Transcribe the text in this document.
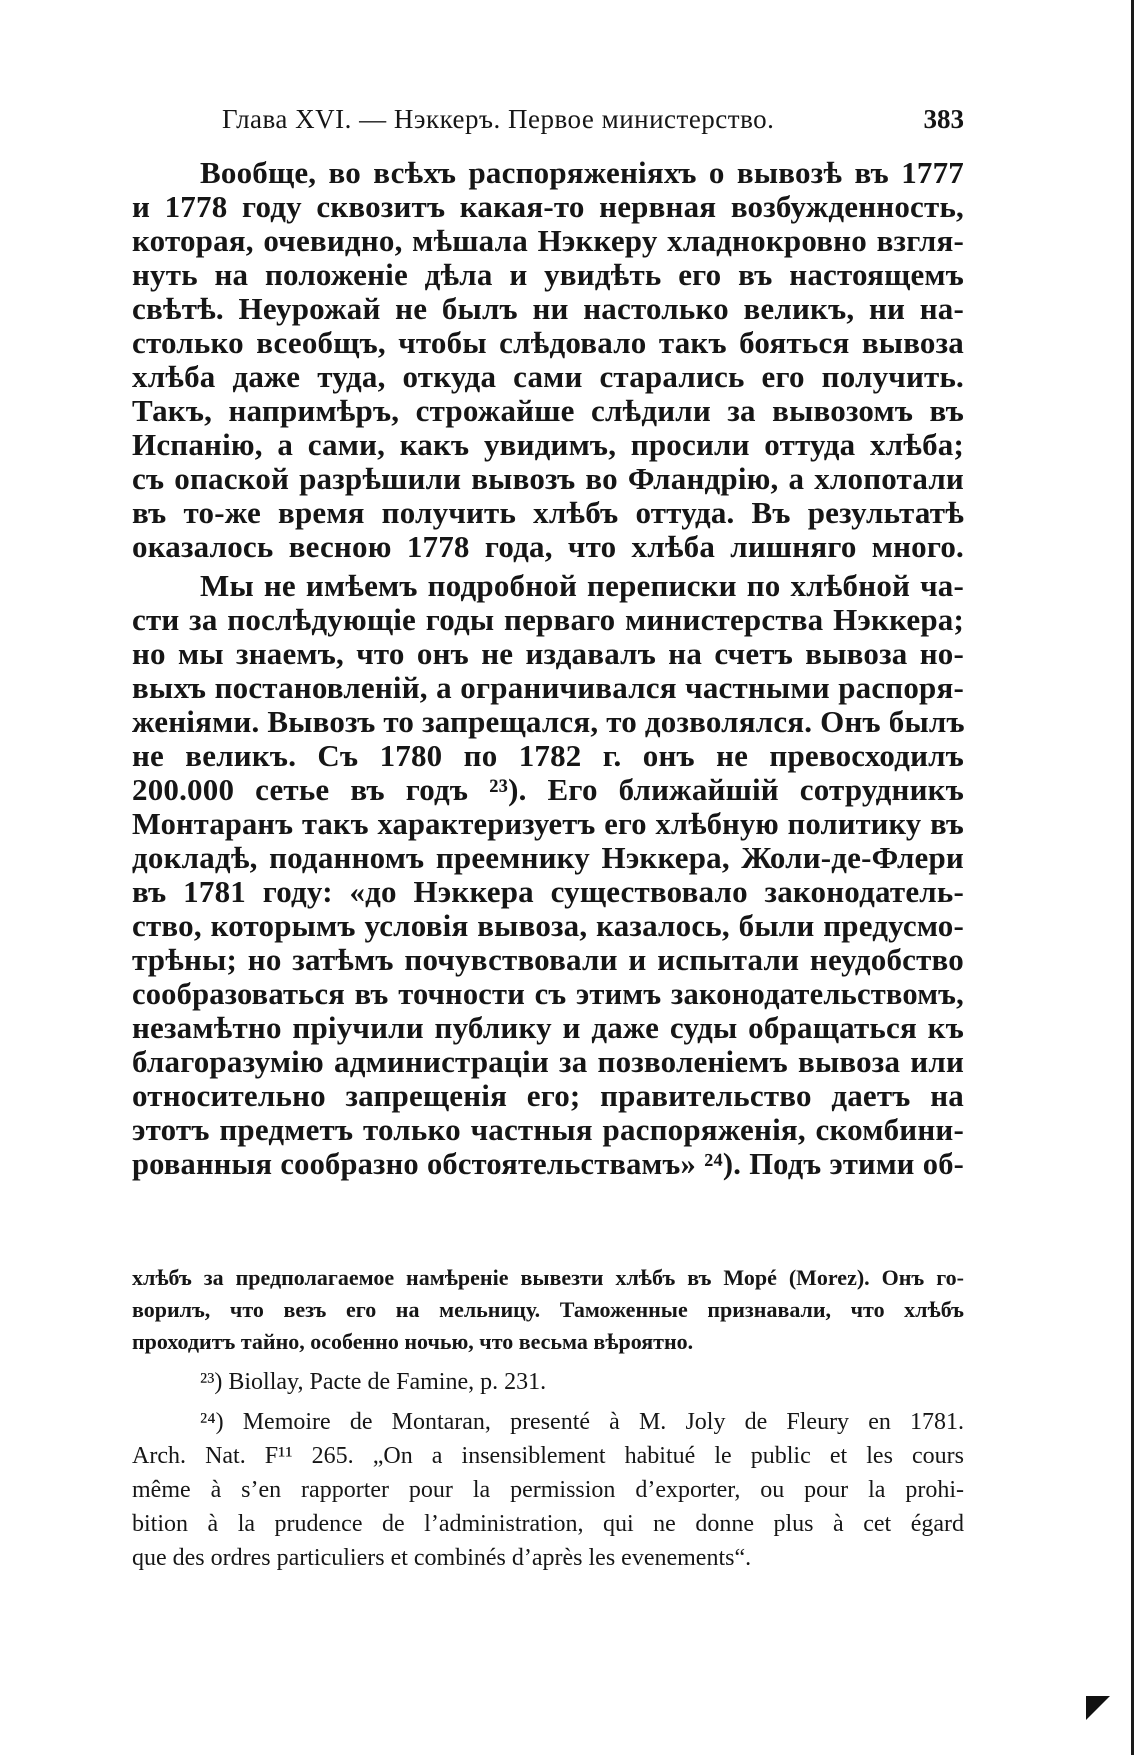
Глава XVI. — Нэккеръ. Первое министерство.	383
Вообще, во всѣхъ распоряженіяхъ о вывозѣ въ 1777
и 1778 году сквозитъ какая-то нервная возбужденность,
которая, очевидно, мѣшала Нэккеру хладнокровно взгля-
нуть на положеніе дѣла и увидѣть его въ настоящемъ
свѣтѣ. Неурожай не былъ ни настолько великъ, ни на-
столько всеобщъ, чтобы слѣдовало такъ бояться вывоза
хлѣба даже туда, откуда сами старались его получить.
Такъ, напримѣръ, строжайше слѣдили за вывозомъ въ
Испанію, а сами, какъ увидимъ, просили оттуда хлѣба;
съ опаской разрѣшили вывозъ во Фландрію, а хлопотали
въ то-же время получить хлѣбъ оттуда. Въ результатѣ
оказалось весною 1778 года, что хлѣба лишняго много.
Мы не имѣемъ подробной переписки по хлѣбной ча-
сти за послѣдующіе годы перваго министерства Нэккера;
но мы знаемъ, что онъ не издавалъ на счетъ вывоза но-
выхъ постановленій, а ограничивался частными распоря-
женіями. Вывозъ то запрещался, то дозволялся. Онъ былъ
не великъ. Съ 1780 по 1782 г. онъ не превосходилъ
200.000 сетье въ годъ ²³). Его ближайшій сотрудникъ
Монтаранъ такъ характеризуетъ его хлѣбную политику въ
докладѣ, поданномъ преемнику Нэккера, Жоли-де-Флери
въ 1781 году: «до Нэккера существовало законодатель-
ство, которымъ условія вывоза, казалось, были предусмо-
трѣны; но затѣмъ почувствовали и испытали неудобство
сообразоваться въ точности съ этимъ законодательствомъ,
незамѣтно пріучили публику и даже суды обращаться къ
благоразумію администраціи за позволеніемъ вывоза или
относительно запрещенія его; правительство даетъ на
этотъ предметъ только частныя распоряженія, скомбини-
рованныя сообразно обстоятельствамъ» ²⁴). Подъ этими об-
хлѣбъ за предполагаемое намѣреніе вывезти хлѣбъ въ Морé (Morez). Онъ го-
ворилъ, что везъ его на мельницу. Таможенные признавали, что хлѣбъ
проходитъ тайно, особенно ночью, что весьма вѣроятно.
²³) Biollay, Pacte de Famine, p. 231.
²⁴) Memoire de Montaran, presenté à M. Joly de Fleury en 1781.
Arch. Nat. F¹¹ 265. „On a insensiblement habitué le public et les cours
même à s’en rapporter pour la permission d’exporter, ou pour la prohi-
bition à la prudence de l’administration, qui ne donne plus à cet égard
que des ordres particuliers et combinés d’après les evenements“.
